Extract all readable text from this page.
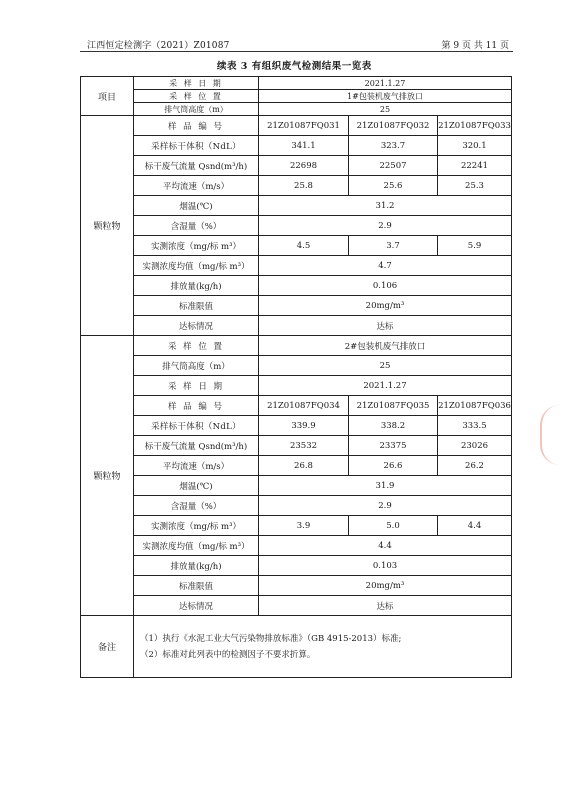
江西恒定检测字（2021）Z01087	第 9 页 共 11 页
续表 3 有组织废气检测结果一览表
项目	采 样 日 期	2021.1.27		
	采 样 位 置	1#包装机废气排放口		
	排气筒高度（m）	25		
颗粒物	样 品 编 号	21Z01087FQ031	21Z01087FQ032	21Z01087FQ033
	采样标干体积（NdL）	341.1	323.7	320.1
	标干废气流量 Qsnd(m³/h)	22698	22507	22241
	平均流速（m/s）	25.8	25.6	25.3
	烟温(℃)	31.2		
	含湿量（%）	2.9		
	实测浓度（mg/标 m³）	4.5	3.7	5.9
	实测浓度均值（mg/标 m³）	4.7		
	排放量(kg/h)	0.106		
	标准限值	20mg/m³		
	达标情况	达标		
颗粒物	采 样 位 置	2#包装机废气排放口		
	排气筒高度（m）	25		
	采 样 日 期	2021.1.27		
	样 品 编 号	21Z01087FQ034	21Z01087FQ035	21Z01087FQ036
	采样标干体积（NdL）	339.9	338.2	333.5
	标干废气流量 Qsnd(m³/h)	23532	23375	23026
	平均流速（m/s）	26.8	26.6	26.2
	烟温(℃)	31.9		
	含湿量（%）	2.9		
	实测浓度（mg/标 m³）	3.9	5.0	4.4
	实测浓度均值（mg/标 m³）	4.4		
	排放量(kg/h)	0.103		
	标准限值	20mg/m³		
	达标情况	达标		
备注	（1）执行《水泥工业大气污染物排放标准》（GB 4915-2013）标准;
（2）标准对此列表中的检测因子不要求折算。			
